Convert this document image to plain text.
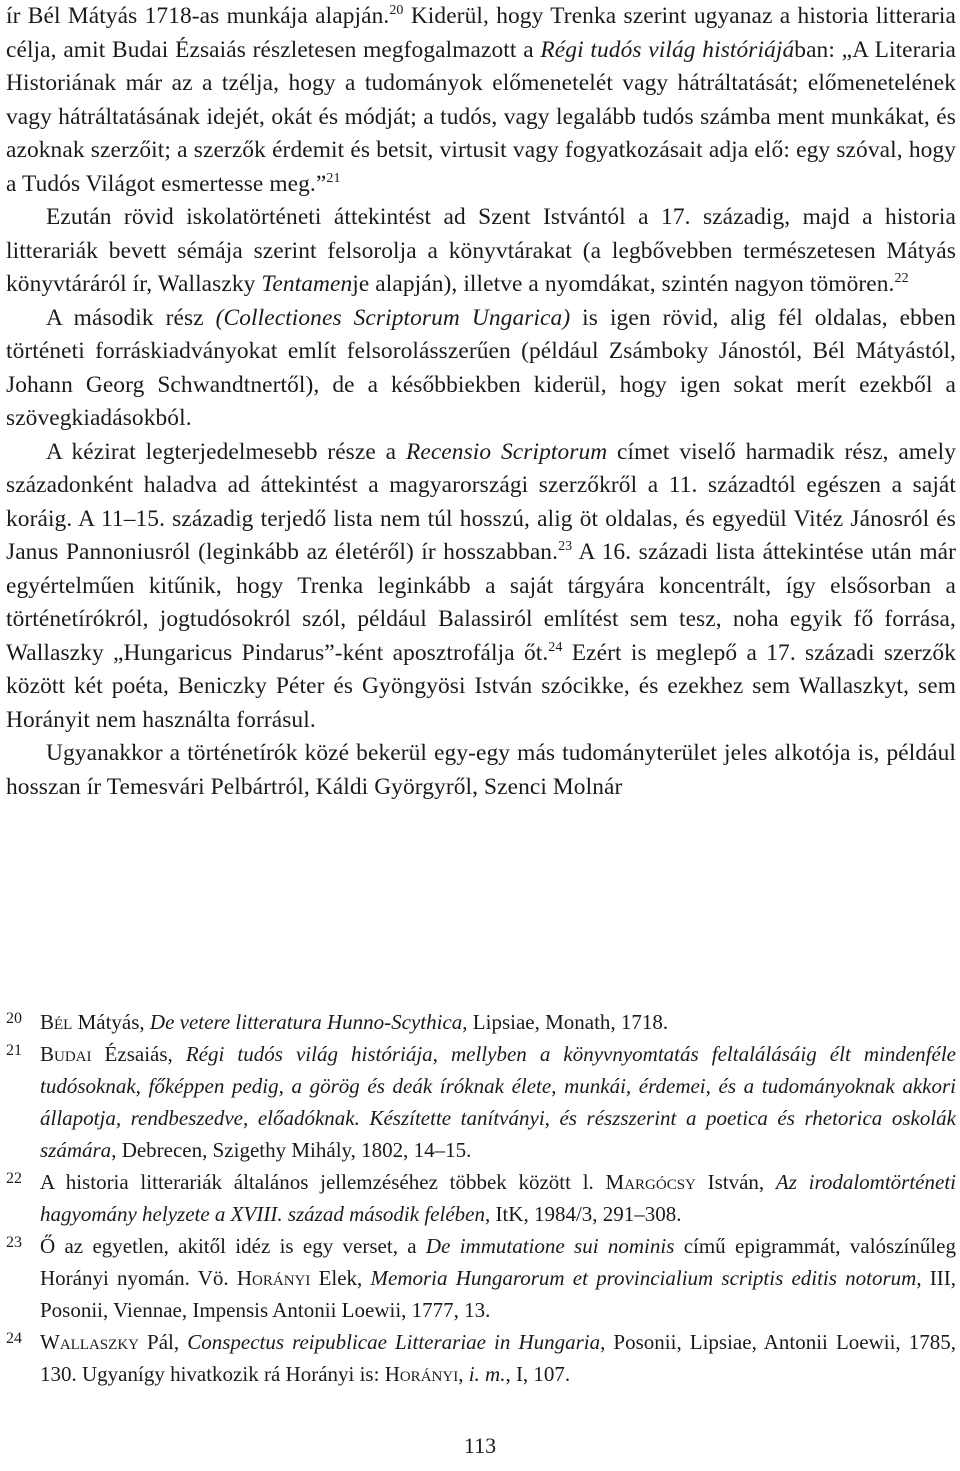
ír Bél Mátyás 1718-as munkája alapján.$^{20}$ Kiderül, hogy Trenka szerint ugyanaz a historia litteraria célja, amit Budai Ézsaiás részletesen megfogalmazott a Régi tudós világ históriájában: „A Literaria Historiának már az a tzélja, hogy a tudományok előmenetelét vagy hátráltatását; előmenetelének vagy hátráltatásának idejét, okát és módját; a tudós, vagy legalább tudós számba ment munkákat, és azoknak szerzőit; a szerzők érdemit és betsit, virtusit vagy fogyatkozásait adja elő: egy szóval, hogy a Tudós Világot esmertesse meg.”$^{21}$

Ezután rövid iskolatörténeti áttekintést ad Szent Istvántól a 17. századig, majd a historia litterariák bevett sémája szerint felsorolja a könyvtárakat (a legbővebben természetesen Mátyás könyvtáráról ír, Wallaszky Tentamenje alapján), illetve a nyomdákat, szintén nagyon tömören.$^{22}$

A második rész (Collectiones Scriptorum Ungarica) is igen rövid, alig fél oldalas, ebben történeti forráskiadványokat említ felsorolásszerűen (például Zsámboky Jánostól, Bél Mátyástól, Johann Georg Schwandtnertől), de a későbbiekben kiderül, hogy igen sokat merít ezekből a szövegkiadásokból.

A kézirat legterjedelmesebb része a Recensio Scriptorum címet viselő harmadik rész, amely századonként haladva ad áttekintést a magyarországi szerzőkről a 11. századtól egészen a saját koráig. A 11–15. századig terjedő lista nem túl hosszú, alig öt oldalas, és egyedül Vitéz Jánosról és Janus Pannoniusról (leginkább az életéről) ír hosszabban.$^{23}$ A 16. századi lista áttekintése után már egyértelműen kitűnik, hogy Trenka leginkább a saját tárgyára koncentrált, így elsősorban a történetírókról, jogtudósokról szól, például Balassiról említést sem tesz, noha egyik fő forrása, Wallaszky „Hungaricus Pindarus”-ként aposztrofálja őt.$^{24}$ Ezért is meglepő a 17. századi szerzők között két poéta, Beniczky Péter és Gyöngyösi István szócikke, és ezekhez sem Wallaszkyt, sem Horányit nem használta forrásul.

Ugyanakkor a történetírók közé bekerül egy-egy más tudományterület jeles alkotója is, például hosszan ír Temesvári Pelbártról, Káldi Györgyről, Szenci Molnár

20 Bél Mátyás, De vetere litteratura Hunno-Scythica, Lipsiae, Monath, 1718.
21 Budai Ézsaiás, Régi tudós világ históriája, mellyben a könyvnyomtatás feltalálásáig élt mindenféle tudósoknak, főképpen pedig, a görög és deák íróknak élete, munkái, érdemei, és a tudományoknak akkori állapotja, rendbeszedve, előadóknak. Készítette tanítványi, és részszerint a poetica és rhetorica oskolák számára, Debrecen, Szigethy Mihály, 1802, 14–15.
22 A historia litterariák általános jellemzéséhez többek között l. Margócsy István, Az irodalomtörténeti hagyomány helyzete a XVIII. század második felében, ItK, 1984/3, 291–308.
23 Ő az egyetlen, akitől idéz is egy verset, a De immutatione sui nominis című epigrammát, valószínűleg Horányi nyomán. Vö. Horányi Elek, Memoria Hungarorum et provincialium scriptis editis notorum, III, Posonii, Viennae, Impensis Antonii Loewii, 1777, 13.
24 Wallaszky Pál, Conspectus reipublicae Litterariae in Hungaria, Posonii, Lipsiae, Antonii Loewii, 1785, 130. Ugyanígy hivatkozik rá Horányi is: Horányi, i. m., I, 107.
113
